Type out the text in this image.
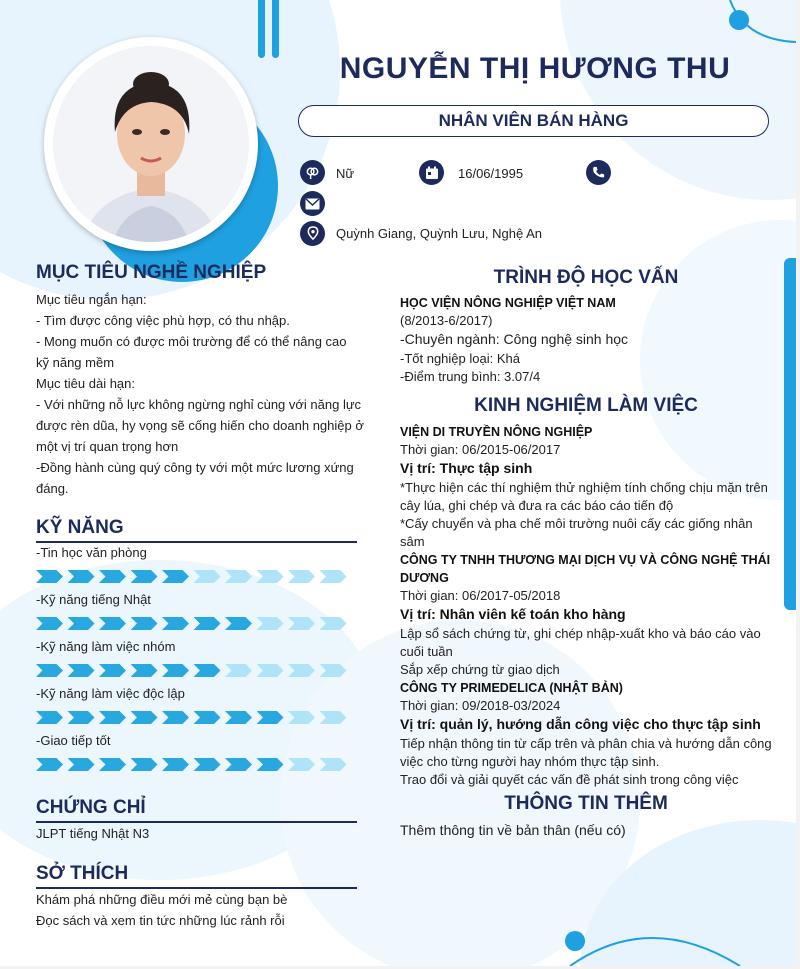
NGUYỄN THỊ HƯƠNG THU
NHÂN VIÊN BÁN HÀNG
Nữ	16/06/1995
Quỳnh Giang, Quỳnh Lưu, Nghệ An
MỤC TIÊU NGHỀ NGHIỆP
Mục tiêu ngắn hạn:
- Tìm được công việc phù hợp, có thu nhập.
- Mong muốn có được môi trường để có thể nâng cao
kỹ năng mềm
Mục tiêu dài hạn:
- Với những nỗ lực không ngừng nghỉ cùng với năng lực
được rèn dũa, hy vọng sẽ cống hiến cho doanh nghiệp ở
một vị trí quan trọng hơn
-Đồng hành cùng quý công ty với một mức lương xứng
đáng.
KỸ NĂNG
-Tin học văn phòng
-Kỹ năng tiếng Nhật
-Kỹ năng làm việc nhóm
-Kỹ năng làm việc độc lập
-Giao tiếp tốt
CHỨNG CHỈ
JLPT tiếng Nhật N3
SỞ THÍCH
Khám phá những điều mới mẻ cùng bạn bè
Đọc sách và xem tin tức những lúc rảnh rỗi
TRÌNH ĐỘ HỌC VẤN
HỌC VIỆN NÔNG NGHIỆP VIỆT NAM
(8/2013-6/2017)
-Chuyên ngành: Công nghệ sinh học
-Tốt nghiệp loại: Khá
-Điểm trung bình: 3.07/4
KINH NGHIỆM LÀM VIỆC
VIỆN DI TRUYỀN NÔNG NGHIỆP
Thời gian: 06/2015-06/2017
Vị trí: Thực tập sinh
*Thực hiện các thí nghiệm thử nghiệm tính chống chịu mặn trên
cây lúa, ghi chép và đưa ra các báo cáo tiến độ
*Cấy chuyển và pha chế môi trường nuôi cấy các giống nhân
sâm
CÔNG TY TNHH THƯƠNG MẠI DỊCH VỤ VÀ CÔNG NGHỆ THÁI
DƯƠNG
Thời gian: 06/2017-05/2018
Vị trí: Nhân viên kế toán kho hàng
Lập sổ sách chứng từ, ghi chép nhập-xuất kho và báo cáo vào
cuối tuần
Sắp xếp chứng từ giao dịch
CÔNG TY PRIMEDELICA (NHẬT BẢN)
Thời gian: 09/2018-03/2024
Vị trí: quản lý, hướng dẫn công việc cho thực tập sinh
Tiếp nhận thông tin từ cấp trên và phân chia và hướng dẫn công
việc cho từng người hay nhóm thực tập sinh.
Trao đổi và giải quyết các vấn đề phát sinh trong công việc
THÔNG TIN THÊM
Thêm thông tin về bản thân (nếu có)
